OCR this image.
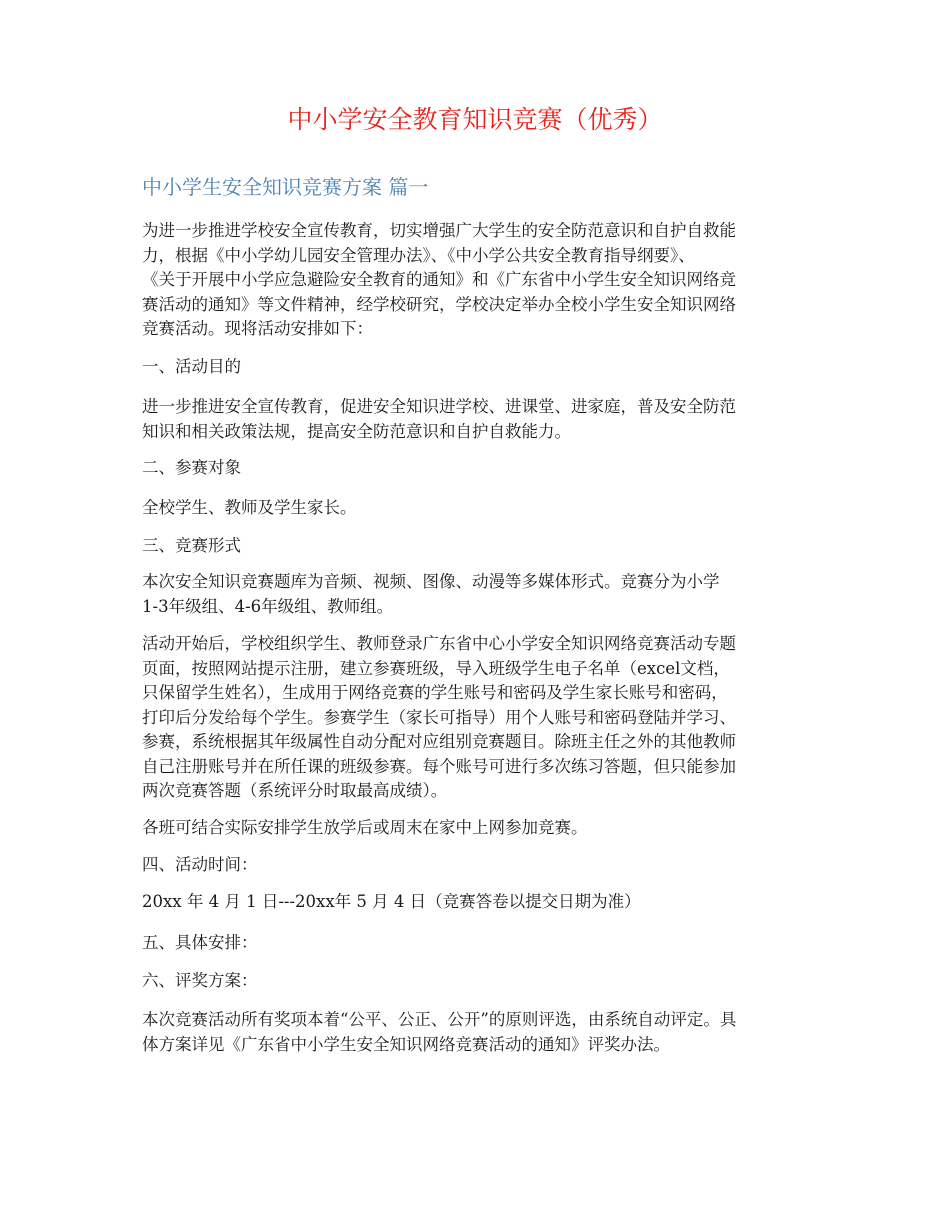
中小学安全教育知识竞赛（优秀）
中小学生安全知识竞赛方案 篇一

为进一步推进学校安全宣传教育，切实增强广大学生的安全防范意识和自护自救能
力，根据《中小学幼儿园安全管理办法》、《中小学公共安全教育指导纲要》、
《关于开展中小学应急避险安全教育的通知》和《广东省中小学生安全知识网络竞
赛活动的通知》等文件精神，经学校研究，学校决定举办全校小学生安全知识网络
竞赛活动。现将活动安排如下：

一、活动目的

进一步推进安全宣传教育，促进安全知识进学校、进课堂、进家庭，普及安全防范
知识和相关政策法规，提高安全防范意识和自护自救能力。

二、参赛对象

全校学生、教师及学生家长。

三、竞赛形式

本次安全知识竞赛题库为音频、视频、图像、动漫等多媒体形式。竞赛分为小学
1-3年级组、4-6年级组、教师组。

活动开始后，学校组织学生、教师登录广东省中心小学安全知识网络竞赛活动专题
页面，按照网站提示注册，建立参赛班级，导入班级学生电子名单（excel文档，
只保留学生姓名），生成用于网络竞赛的学生账号和密码及学生家长账号和密码，
打印后分发给每个学生。参赛学生（家长可指导）用个人账号和密码登陆并学习、
参赛，系统根据其年级属性自动分配对应组别竞赛题目。除班主任之外的其他教师
自己注册账号并在所任课的班级参赛。每个账号可进行多次练习答题，但只能参加
两次竞赛答题（系统评分时取最高成绩）。

各班可结合实际安排学生放学后或周末在家中上网参加竞赛。

四、活动时间：

20xx 年 4 月 1 日---20xx年 5 月 4 日（竞赛答卷以提交日期为准）

五、具体安排：

六、评奖方案：

本次竞赛活动所有奖项本着“公平、公正、公开”的原则评选，由系统自动评定。具
体方案详见《广东省中小学生安全知识网络竞赛活动的通知》评奖办法。
